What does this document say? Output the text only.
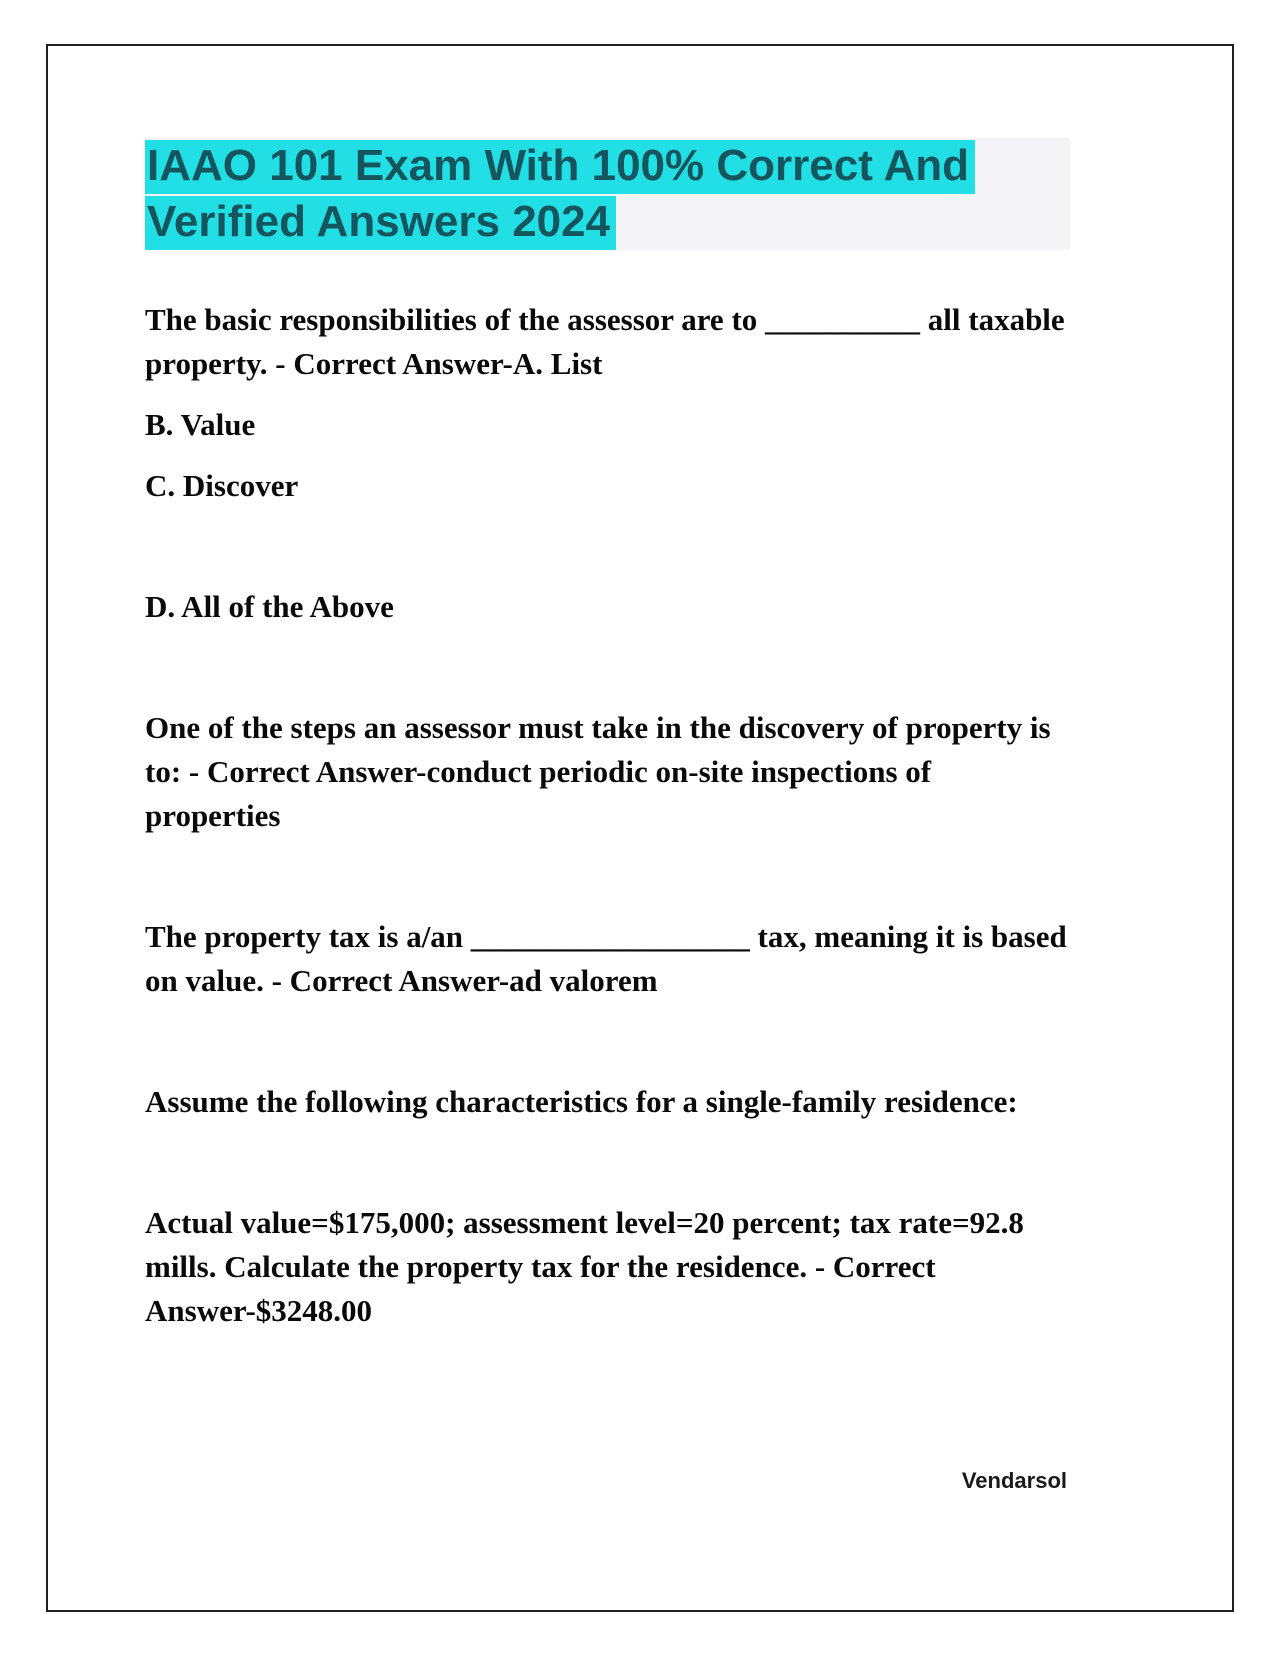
IAAO 101 Exam With 100% Correct And
Verified Answers 2024

The basic responsibilities of the assessor are to __________ all taxable property. - Correct Answer-A. List

B. Value

C. Discover

D. All of the Above

One of the steps an assessor must take in the discovery of property is to: - Correct Answer-conduct periodic on-site inspections of properties

The property tax is a/an __________________ tax, meaning it is based on value. - Correct Answer-ad valorem

Assume the following characteristics for a single-family residence:

Actual value=$175,000; assessment level=20 percent; tax rate=92.8 mills. Calculate the property tax for the residence. - Correct Answer-$3248.00

Vendarsol
